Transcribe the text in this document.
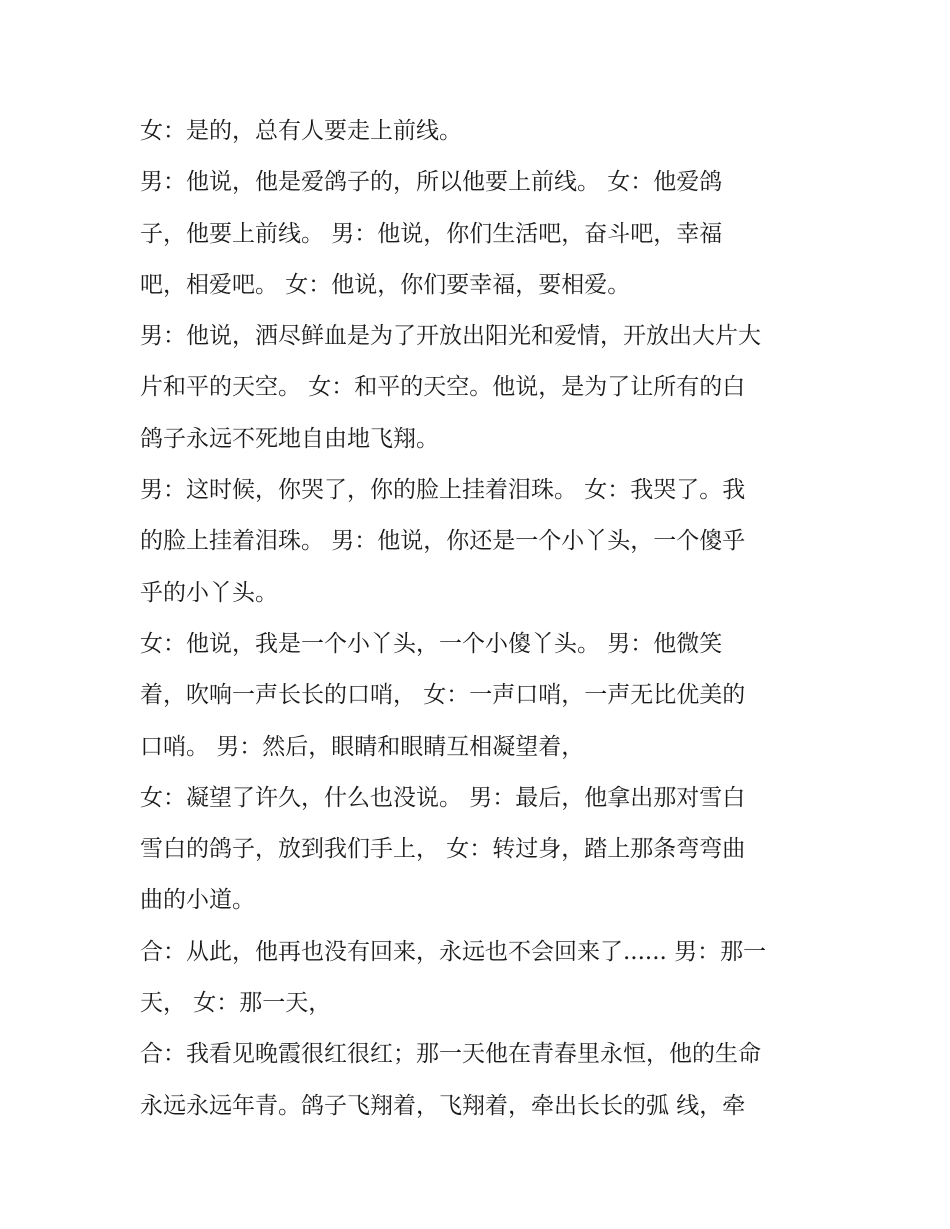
女：是的，总有人要走上前线。
男：他说，他是爱鸽子的，所以他要上前线。 女：他爱鸽
子，他要上前线。 男：他说，你们生活吧，奋斗吧，幸福
吧，相爱吧。 女：他说，你们要幸福，要相爱。
男：他说，洒尽鲜血是为了开放出阳光和爱情，开放出大片大
片和平的天空。 女：和平的天空。他说，是为了让所有的白
鸽子永远不死地自由地飞翔。
男：这时候，你哭了，你的脸上挂着泪珠。 女：我哭了。我
的脸上挂着泪珠。 男：他说，你还是一个小丫头，一个傻乎
乎的小丫头。
女：他说，我是一个小丫头，一个小傻丫头。 男：他微笑
着，吹响一声长长的口哨， 女：一声口哨，一声无比优美的
口哨。 男：然后，眼睛和眼睛互相凝望着，
女：凝望了许久，什么也没说。 男：最后，他拿出那对雪白
雪白的鸽子，放到我们手上， 女：转过身，踏上那条弯弯曲
曲的小道。
合：从此，他再也没有回来，永远也不会回来了...... 男：那一
天， 女：那一天，
合：我看见晚霞很红很红；那一天他在青春里永恒，他的生命
永远永远年青。鸽子飞翔着，飞翔着，牵出长长的弧 线，牵
